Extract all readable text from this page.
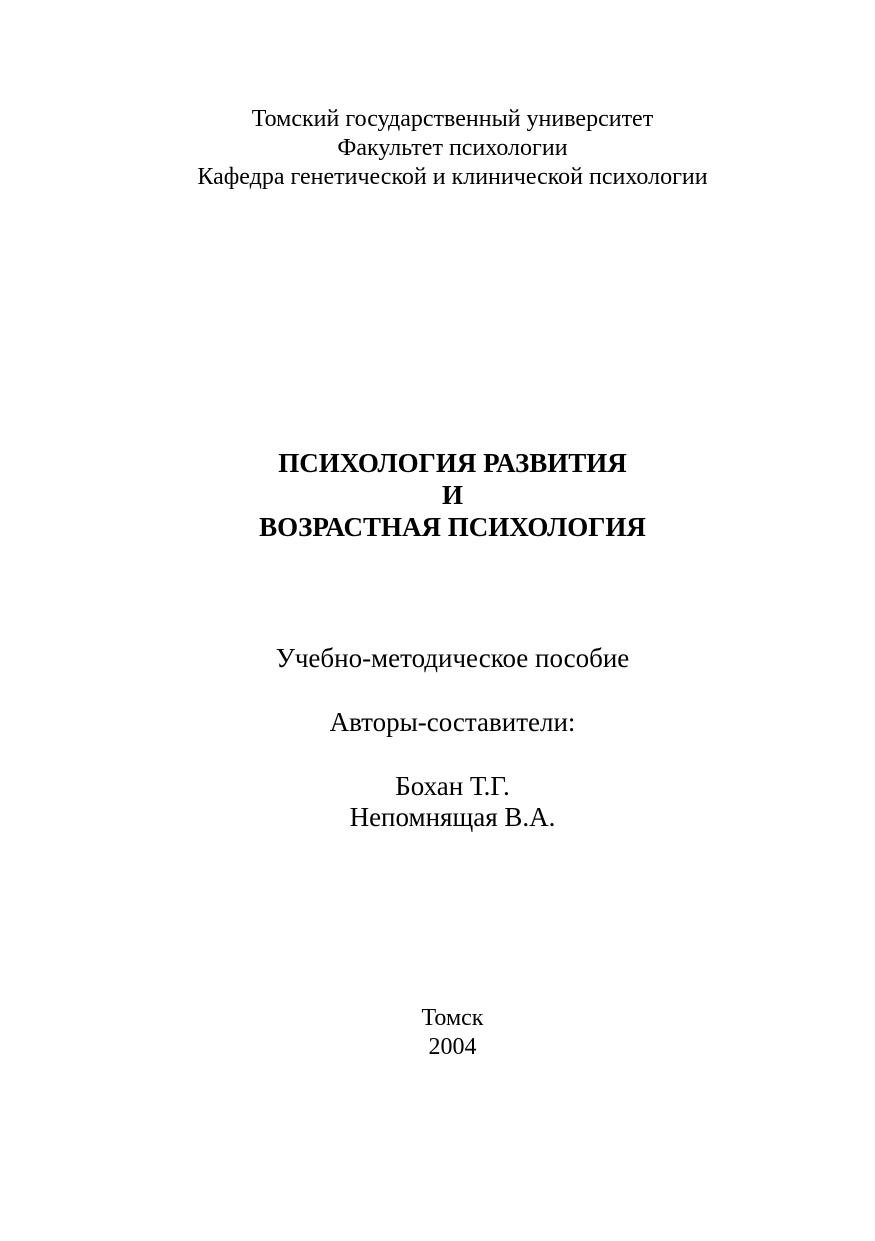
Томский государственный университет
Факультет психологии
Кафедра генетической и клинической психологии
ПСИХОЛОГИЯ РАЗВИТИЯ
И
ВОЗРАСТНАЯ ПСИХОЛОГИЯ
Учебно-методическое пособие
Авторы-составители:
Бохан Т.Г.
Непомнящая В.А.
Томск
2004
